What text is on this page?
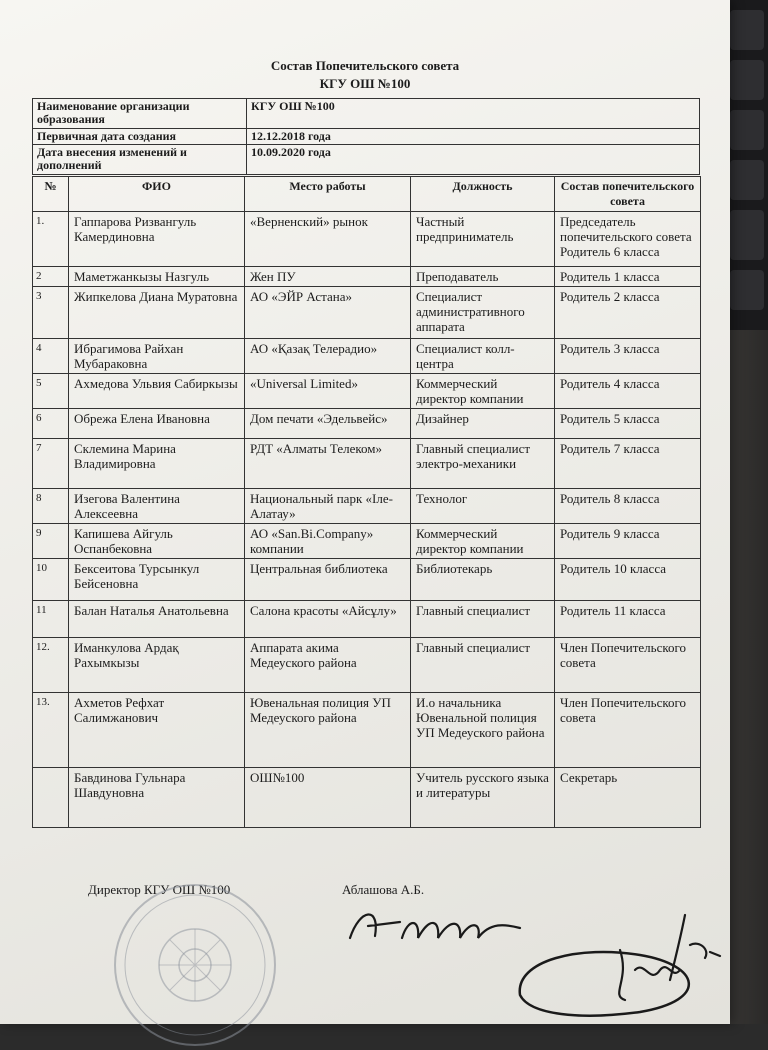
Состав Попечительского совета
КГУ ОШ №100
Наименование организации образования	КГУ ОШ №100
Первичная дата создания	12.12.2018 года
Дата внесения изменений и дополнений	10.09.2020 года
№	ФИО	Место работы	Должность	Состав попечительского совета
1.	Гаппарова Ризвангуль Камердиновна	«Верненский» рынок	Частный предприниматель	Председатель попечительского совета Родитель 6 класса
2	Маметжанкызы Назгуль	Жен ПУ	Преподаватель	Родитель 1 класса
3	Жипкелова Диана Муратовна	АО «ЭЙР Астана»	Специалист административного аппарата	Родитель 2 класса
4	Ибрагимова Райхан Мубараковна	АО «Қазақ Телерадио»	Специалист колл-центра	Родитель 3 класса
5	Ахмедова Ульвия Сабиркызы	«Universal Limited»	Коммерческий директор компании	Родитель 4 класса
6	Обрежа Елена Ивановна	Дом печати «Эдельвейс»	Дизайнер	Родитель 5 класса
7	Склемина Марина Владимировна	РДТ «Алматы Телеком»	Главный специалист электро-механики	Родитель 7 класса
8	Изегова Валентина Алексеевна	Национальный парк «Іле-Алатау»	Технолог	Родитель 8 класса
9	Капишева Айгуль Оспанбековна	АО «San.Bi.Company» компании	Коммерческий директор компании	Родитель 9 класса
10	Бексеитова Турсынкул Бейсеновна	Центральная библиотека	Библиотекарь	Родитель 10 класса
11	Балан Наталья Анатольевна	Салона красоты «Айсұлу»	Главный специалист	Родитель 11 класса
12.	Иманкулова Ардақ Рахымкызы	Аппарата акима Медеуского района	Главный специалист	Член Попечительского совета
13.	Ахметов Рефхат Салимжанович	Ювенальная полиция УП Медеуского района	И.о начальника Ювенальной полиция УП Медеуского района	Член Попечительского совета
	Бавдинова Гульнара Шавдуновна	ОШ№100	Учитель русского языка и литературы	Секретарь
Директор КГУ ОШ №100	Аблашова А.Б.
